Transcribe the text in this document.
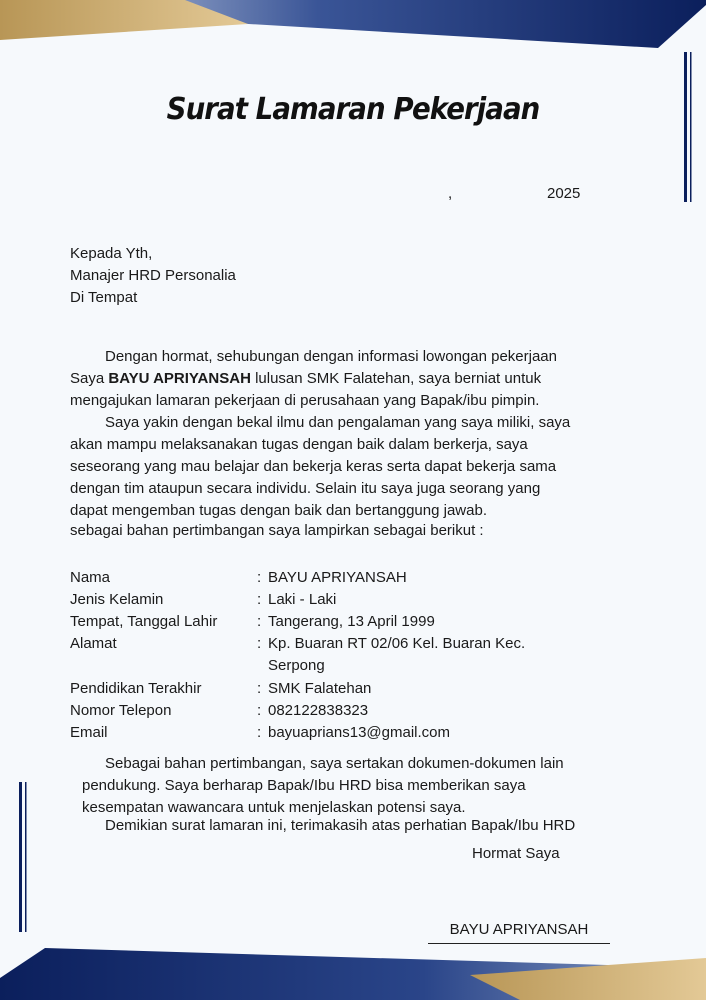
Surat Lamaran Pekerjaan
,	2025
Kepada Yth,
Manajer HRD Personalia
Di Tempat
Dengan hormat, sehubungan dengan informasi lowongan pekerjaan
Saya BAYU APRIYANSAH lulusan SMK Falatehan, saya berniat untuk
mengajukan lamaran pekerjaan di perusahaan yang Bapak/ibu pimpin.
Saya yakin dengan bekal ilmu dan pengalaman yang saya miliki, saya
akan mampu melaksanakan tugas dengan baik dalam berkerja, saya
seseorang yang mau belajar dan bekerja keras serta dapat bekerja sama
dengan tim ataupun secara individu. Selain itu saya juga seorang yang
dapat mengemban tugas dengan baik dan bertanggung jawab.
sebagai bahan pertimbangan saya lampirkan sebagai berikut :
Nama	: BAYU APRIYANSAH
Jenis Kelamin	: Laki - Laki
Tempat, Tanggal Lahir	: Tangerang, 13 April 1999
Alamat	: Kp. Buaran RT 02/06 Kel. Buaran Kec.
Serpong
Pendidikan Terakhir	: SMK Falatehan
Nomor Telepon	: 082122838323
Email	: bayuaprians13@gmail.com
Sebagai bahan pertimbangan, saya sertakan dokumen-dokumen lain
pendukung. Saya berharap Bapak/Ibu HRD bisa memberikan saya
kesempatan wawancara untuk menjelaskan potensi saya.
Demikian surat lamaran ini, terimakasih atas perhatian Bapak/Ibu HRD
Hormat Saya
BAYU APRIYANSAH
